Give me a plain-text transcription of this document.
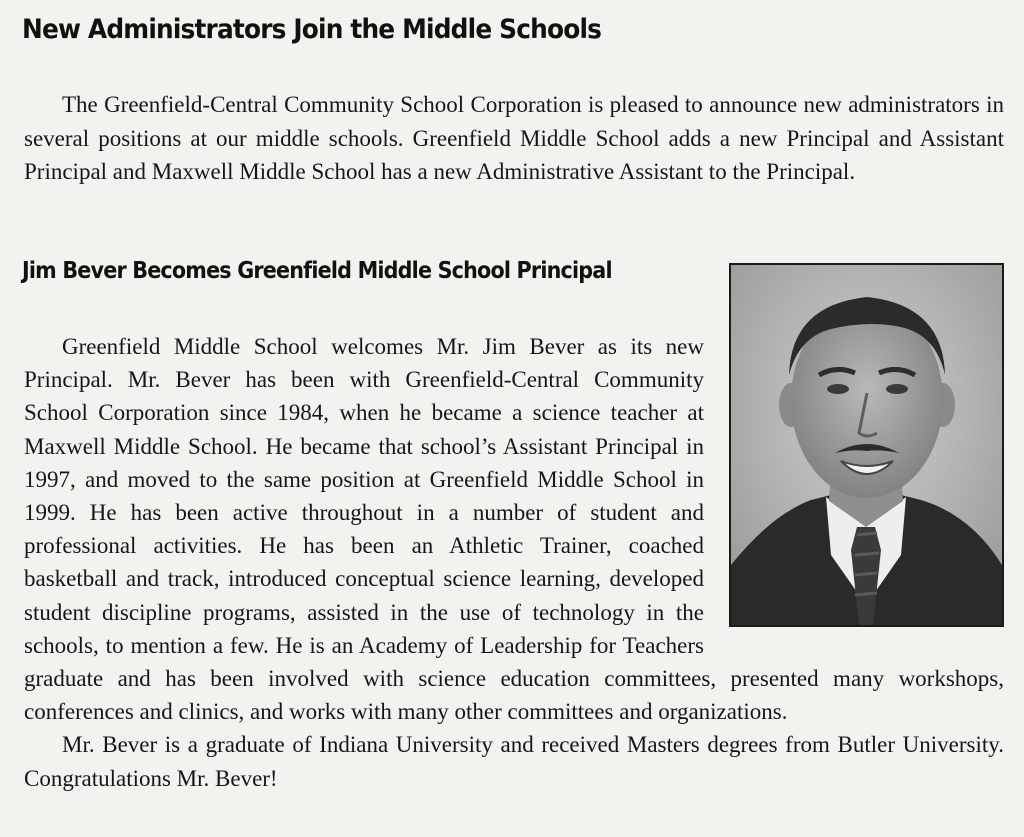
New Administrators Join the Middle Schools

The Greenfield-Central Community School Corporation is pleased to announce new administrators in several positions at our middle schools. Greenfield Middle School adds a new Principal and Assistant Principal and Maxwell Middle School has a new Administrative Assistant to the Principal.

Jim Bever Becomes Greenfield Middle School Principal

Greenfield Middle School welcomes Mr. Jim Bever as its new Principal. Mr. Bever has been with Greenfield-Central Community School Corporation since 1984, when he became a science teacher at Maxwell Middle School. He became that school’s Assistant Principal in 1997, and moved to the same position at Greenfield Middle School in 1999. He has been active throughout in a number of student and professional activities. He has been an Athletic Trainer, coached basketball and track, introduced conceptual science learning, developed student discipline programs, assisted in the use of technology in the schools, to mention a few. He is an Academy of Leadership for Teachers graduate and has been involved with science education committees, presented many workshops, conferences and clinics, and works with many other committees and organizations.

Mr. Bever is a graduate of Indiana University and received Masters degrees from Butler University. Congratulations Mr. Bever!
